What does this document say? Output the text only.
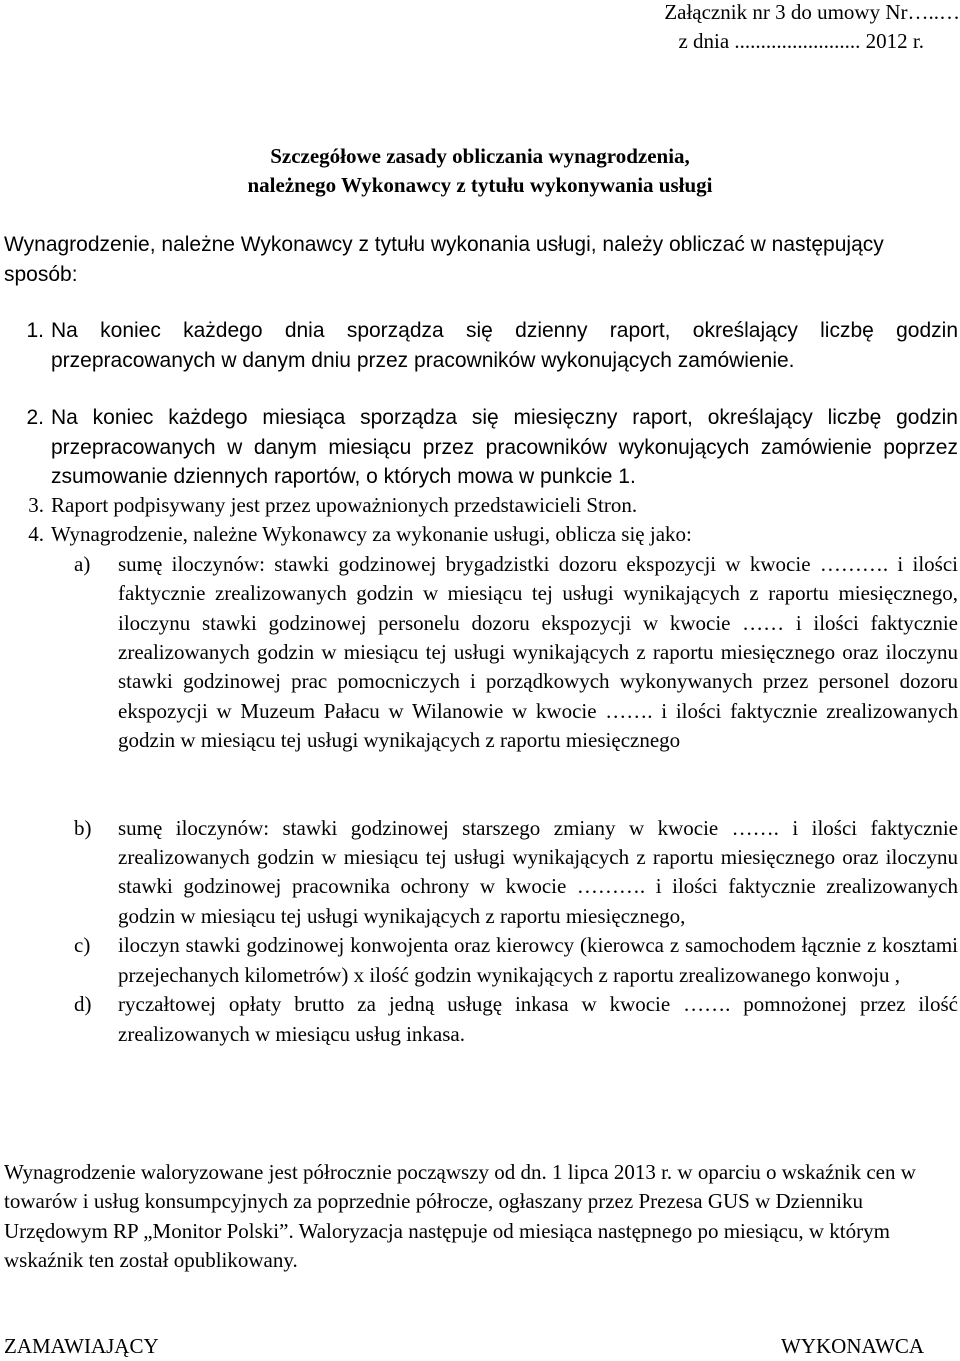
Załącznik nr 3 do umowy Nr…..…
z dnia ........................ 2012 r.
Szczegółowe zasady obliczania wynagrodzenia,
należnego Wykonawcy z tytułu wykonywania usługi
Wynagrodzenie, należne Wykonawcy z tytułu wykonania usługi, należy obliczać w następujący sposób:
1. Na koniec każdego dnia sporządza się dzienny raport, określający liczbę godzin przepracowanych w danym dniu przez pracowników wykonujących zamówienie.
2. Na koniec każdego miesiąca sporządza się miesięczny raport, określający liczbę godzin przepracowanych w danym miesiącu przez pracowników wykonujących zamówienie poprzez zsumowanie dziennych raportów, o których mowa w punkcie 1.
3. Raport podpisywany jest przez upoważnionych przedstawicieli Stron.
4. Wynagrodzenie, należne Wykonawcy za wykonanie usługi, oblicza się jako:
a)	sumę iloczynów: stawki godzinowej brygadzistki dozoru ekspozycji w kwocie ………. i ilości faktycznie zrealizowanych godzin w miesiącu tej usługi wynikających z raportu miesięcznego, iloczynu stawki godzinowej personelu dozoru ekspozycji w kwocie …… i ilości faktycznie zrealizowanych godzin w miesiącu tej usługi wynikających z raportu miesięcznego oraz iloczynu stawki godzinowej prac pomocniczych i porządkowych wykonywanych przez personel dozoru ekspozycji w Muzeum Pałacu w Wilanowie w kwocie ……. i ilości faktycznie zrealizowanych godzin w miesiącu tej usługi wynikających z raportu miesięcznego
b)	sumę iloczynów: stawki godzinowej starszego zmiany w kwocie ……. i ilości faktycznie zrealizowanych godzin w miesiącu tej usługi wynikających z raportu miesięcznego oraz iloczynu stawki godzinowej pracownika ochrony w kwocie ………. i ilości faktycznie zrealizowanych godzin w miesiącu tej usługi wynikających z raportu miesięcznego,
c)	iloczyn stawki godzinowej konwojenta oraz kierowcy (kierowca z samochodem łącznie z kosztami przejechanych kilometrów) x ilość godzin wynikających z raportu zrealizowanego konwoju ,
d)	ryczałtowej opłaty brutto za jedną usługę inkasa w kwocie ……. pomnożonej przez ilość zrealizowanych w miesiącu usług inkasa.
Wynagrodzenie waloryzowane jest półrocznie począwszy od dn. 1 lipca 2013 r. w oparciu o wskaźnik cen w towarów i usług konsumpcyjnych za poprzednie półrocze, ogłaszany przez Prezesa GUS w Dzienniku Urzędowym RP „Monitor Polski”. Waloryzacja następuje od miesiąca następnego po miesiącu, w którym wskaźnik ten został opublikowany.
ZAMAWIAJĄCY	WYKONAWCA
